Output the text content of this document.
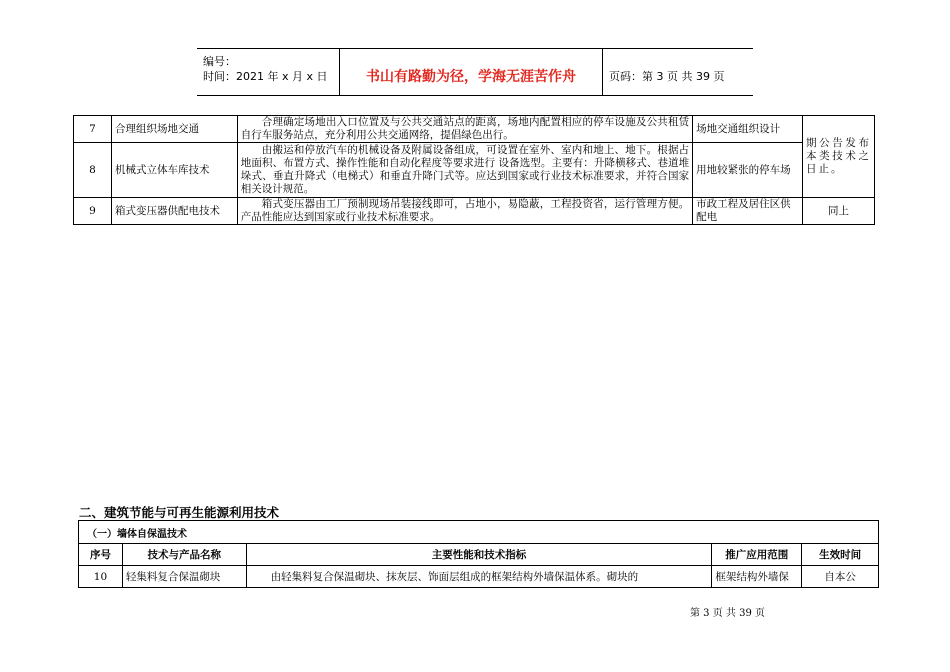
编号：
时间：2021 年 x 月 x 日	书山有路勤为径，学海无涯苦作舟	页码：第 3 页 共 39 页
7	合理组织场地交通	合理确定场地出入口位置及与公共交通站点的距离，场地内配置相应的停车设施及公共租赁自行车服务站点，充分利用公共交通网络，提倡绿色出行。	场地交通组织设计	期公告发布本类技术之日止。
8	机械式立体车库技术	由搬运和停放汽车的机械设备及附属设备组成，可设置在室外、室内和地上、地下。根据占地面积、布置方式、操作性能和自动化程度等要求进行 设备选型。主要有：升降横移式、巷道堆垛式、垂直升降式（电梯式）和垂直升降门式等。应达到国家或行业技术标准要求，并符合国家相关设计规范。	用地较紧张的停车场	
9	箱式变压器供配电技术	箱式变压器由工厂预制现场吊装接线即可，占地小，易隐蔽，工程投资省，运行管理方便。产品性能应达到国家或行业技术标准要求。	市政工程及居住区供配电	同上
二、建筑节能与可再生能源利用技术
（一）墙体自保温技术				
序号	技术与产品名称	主要性能和技术指标	推广应用范围	生效时间
10	轻集料复合保温砌块	由轻集料复合保温砌块、抹灰层、饰面层组成的框架结构外墙保温体系。砌块的	框架结构外墙保	自本公
第 3 页 共 39 页
